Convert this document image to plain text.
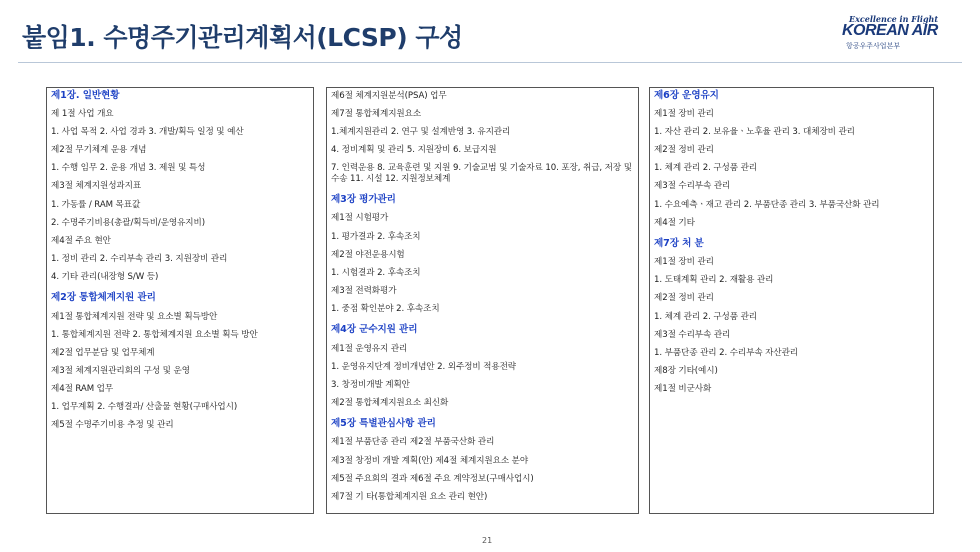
붙임1. 수명주기관리계획서(LCSP) 구성
Excellence in Flight
KOREAN AIR
항공우주사업본부
제1장. 일반현황
제 1절 사업 개요
1. 사업 목적 2. 사업 경과 3. 개발/획득 일정 및 예산
제2절 무기체계 운용 개념
1. 수행 임무 2. 운용 개념 3. 제원 및 특성
제3절 체계지원성과지표
1. 가동률 / RAM 목표값
2. 수명주기비용(총괄/획득비/운영유지비)
제4절 주요 현안
1. 정비 관리 2. 수리부속 관리 3. 지원장비 관리
4. 기타 관리(내장형 S/W 등)
제2장 통합체계지원 관리
제1절 통합체계지원 전략 및 요소별 획득방안
1. 통합체계지원 전략 2. 통합체계지원 요소별 획득 방안
제2절 업무분담 및 업무체계
제3절 체계지원관리회의 구성 및 운영
제4절 RAM 업무
1. 업무계획 2. 수행결과/ 산출물 현황(구매사업시)
제5절 수명주기비용 추정 및 관리
제6절 체계지원분석(PSA) 업무
제7절 통합체계지원요소
1.체계지원관리 2. 연구 및 설계반영 3. 유지관리
4. 정비계획 및 관리 5. 지원장비 6. 보급지원
7. 인력운용 8. 교육훈련 및 지원 9. 기술교범 및 기술자료 10. 포장, 취급, 저장 및 수송 11. 시설 12. 지원정보체계
제3장 평가관리
제1절 시험평가
1. 평가결과 2. 후속조치
제2절 야전운용시험
1. 시험결과 2. 후속조치
제3절 전력화평가
1. 중점 확인분야 2. 후속조치
제4장 군수지원 관리
제1절 운영유지 관리
1. 운영유지단계 정비개념안 2. 외주정비 적용전략
3. 창정비개발 계획안
제2절 통합체계지원요소 최신화
제5장 특별관심사항 관리
제1절 부품단종 관리 제2절 부품국산화 관리
제3절 창정비 개발 계획(안) 제4절 체계지원요소 분야
제5절 주요회의 결과 제6절 주요 계약정보(구매사업시)
제7절 기 타(통합체계지원 요소 관리 현안)
제6장 운영유지
제1절 장비 관리
1. 자산 관리 2. 보유율ㆍ노후율 관리 3. 대체장비 관리
제2절 정비 관리
1. 체계 관리 2. 구성품 관리
제3절 수리부속 관리
1. 수요예측ㆍ재고 관리 2. 부품단종 관리 3. 부품국산화 관리
제4절 기타
제7장 처 분
제1절 장비 관리
1. 도태계획 관리 2. 재활용 관리
제2절 정비 관리
1. 체계 관리 2. 구성품 관리
제3절 수리부속 관리
1. 부품단종 관리 2. 수리부속 자산관리
제8장 기타(예시)
제1절 비군사화
21
